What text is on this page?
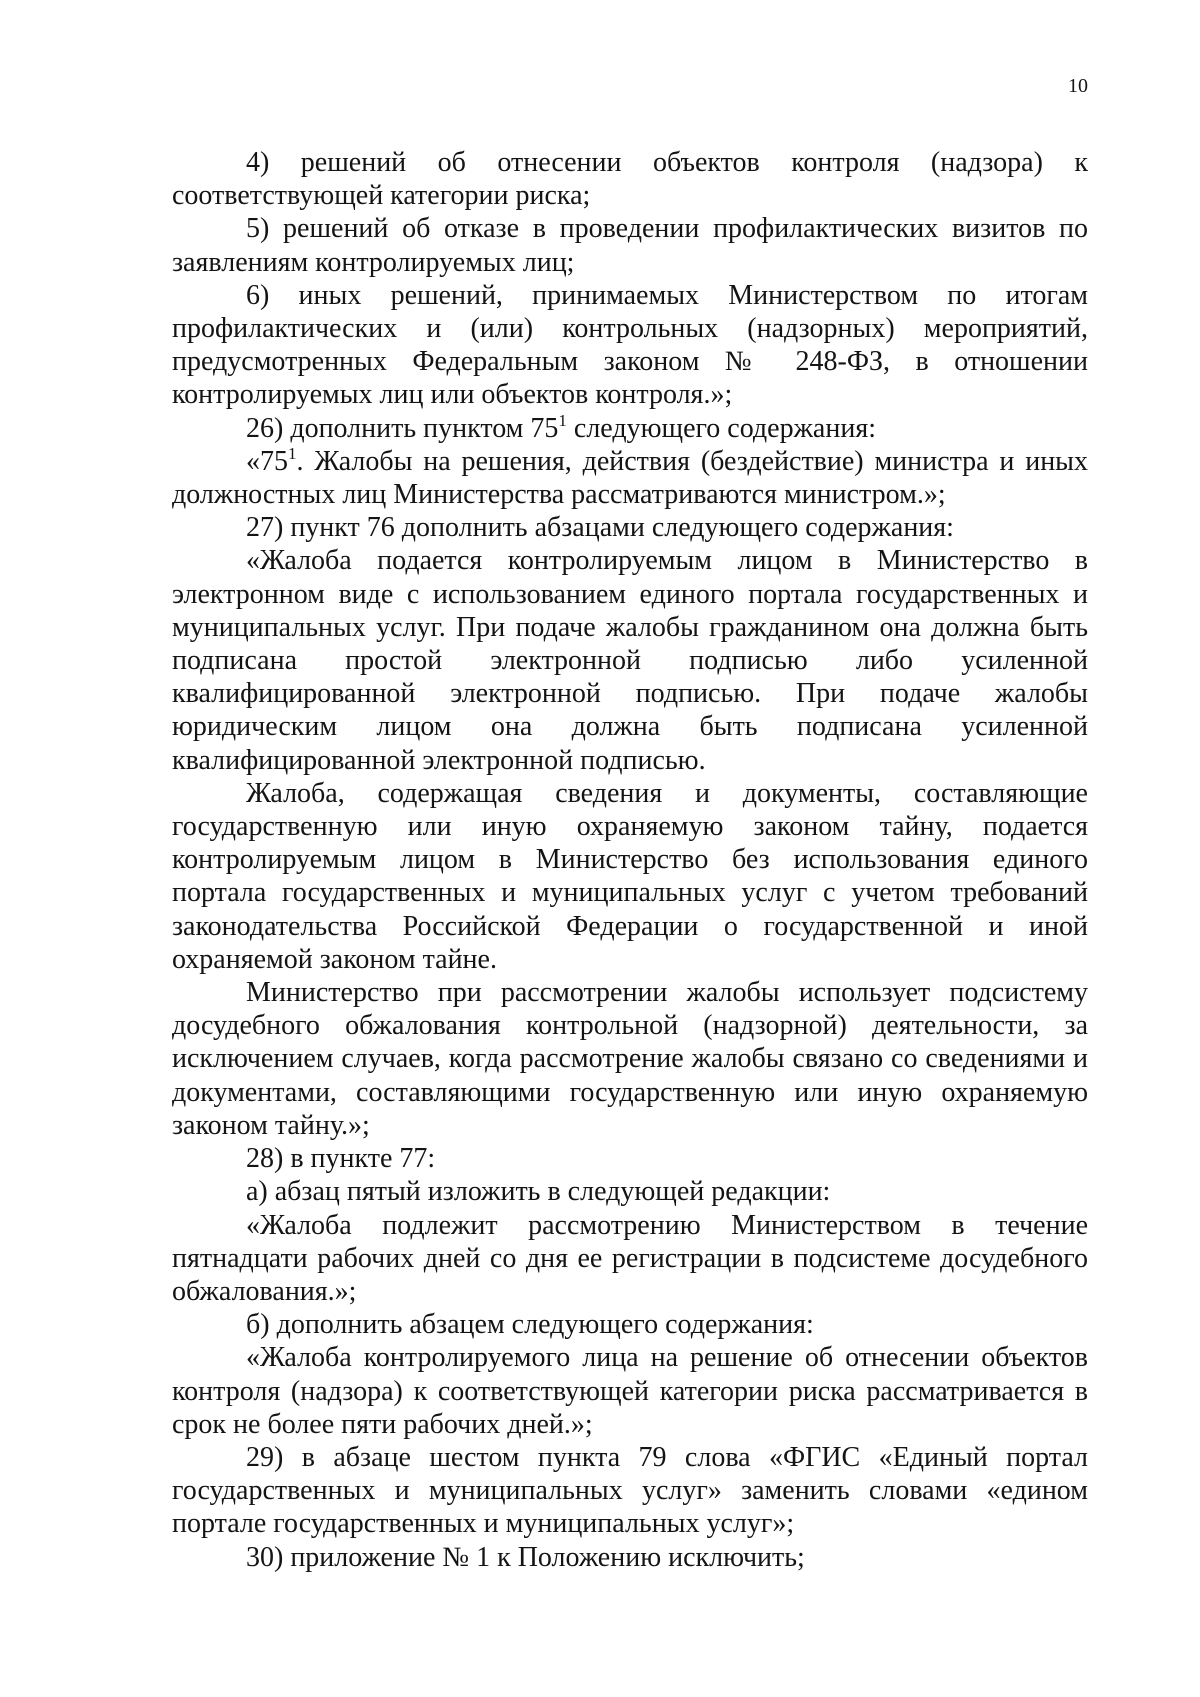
10

4) решений об отнесении объектов контроля (надзора) к соответствующей категории риска;

5) решений об отказе в проведении профилактических визитов по заявлениям контролируемых лиц;

6) иных решений, принимаемых Министерством по итогам профилактических и (или) контрольных (надзорных) мероприятий, предусмотренных Федеральным законом № 248-ФЗ, в отношении контролируемых лиц или объектов контроля.»;

26) дополнить пунктом $75^1$ следующего содержания:

«$75^1$. Жалобы на решения, действия (бездействие) министра и иных должностных лиц Министерства рассматриваются министром.»;

27) пункт 76 дополнить абзацами следующего содержания:

«Жалоба подается контролируемым лицом в Министерство в электронном виде с использованием единого портала государственных и муниципальных услуг. При подаче жалобы гражданином она должна быть подписана простой электронной подписью либо усиленной квалифицированной электронной подписью. При подаче жалобы юридическим лицом она должна быть подписана усиленной квалифицированной электронной подписью.

Жалоба, содержащая сведения и документы, составляющие государственную или иную охраняемую законом тайну, подается контролируемым лицом в Министерство без использования единого портала государственных и муниципальных услуг с учетом требований законодательства Российской Федерации о государственной и иной охраняемой законом тайне.

Министерство при рассмотрении жалобы использует подсистему досудебного обжалования контрольной (надзорной) деятельности, за исключением случаев, когда рассмотрение жалобы связано со сведениями и документами, составляющими государственную или иную охраняемую законом тайну.»;

28) в пункте 77:

а) абзац пятый изложить в следующей редакции:

«Жалоба подлежит рассмотрению Министерством в течение пятнадцати рабочих дней со дня ее регистрации в подсистеме досудебного обжалования.»;

б) дополнить абзацем следующего содержания:

«Жалоба контролируемого лица на решение об отнесении объектов контроля (надзора) к соответствующей категории риска рассматривается в срок не более пяти рабочих дней.»;

29) в абзаце шестом пункта 79 слова «ФГИС «Единый портал государственных и муниципальных услуг» заменить словами «едином портале государственных и муниципальных услуг»;

30) приложение № 1 к Положению исключить;
